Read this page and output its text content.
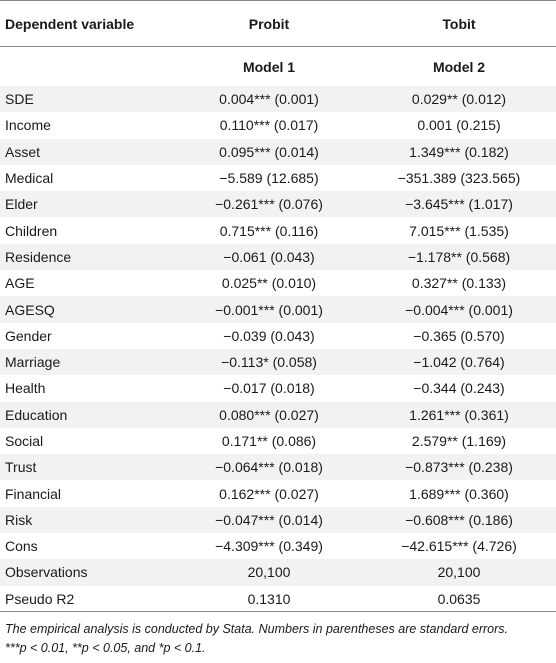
Dependent variable	Probit	Tobit
	Model 1	Model 2
SDE	0.004*** (0.001)	0.029** (0.012)
Income	0.110*** (0.017)	0.001 (0.215)
Asset	0.095*** (0.014)	1.349*** (0.182)
Medical	−5.589 (12.685)	−351.389 (323.565)
Elder	−0.261*** (0.076)	−3.645*** (1.017)
Children	0.715*** (0.116)	7.015*** (1.535)
Residence	−0.061 (0.043)	−1.178** (0.568)
AGE	0.025** (0.010)	0.327** (0.133)
AGESQ	−0.001*** (0.001)	−0.004*** (0.001)
Gender	−0.039 (0.043)	−0.365 (0.570)
Marriage	−0.113* (0.058)	−1.042 (0.764)
Health	−0.017 (0.018)	−0.344 (0.243)
Education	0.080*** (0.027)	1.261*** (0.361)
Social	0.171** (0.086)	2.579** (1.169)
Trust	−0.064*** (0.018)	−0.873*** (0.238)
Financial	0.162*** (0.027)	1.689*** (0.360)
Risk	−0.047*** (0.014)	−0.608*** (0.186)
Cons	−4.309*** (0.349)	−42.615*** (4.726)
Observations	20,100	20,100
Pseudo R2	0.1310	0.0635
The empirical analysis is conducted by Stata. Numbers in parentheses are standard errors.
***p < 0.01, **p < 0.05, and *p < 0.1.
